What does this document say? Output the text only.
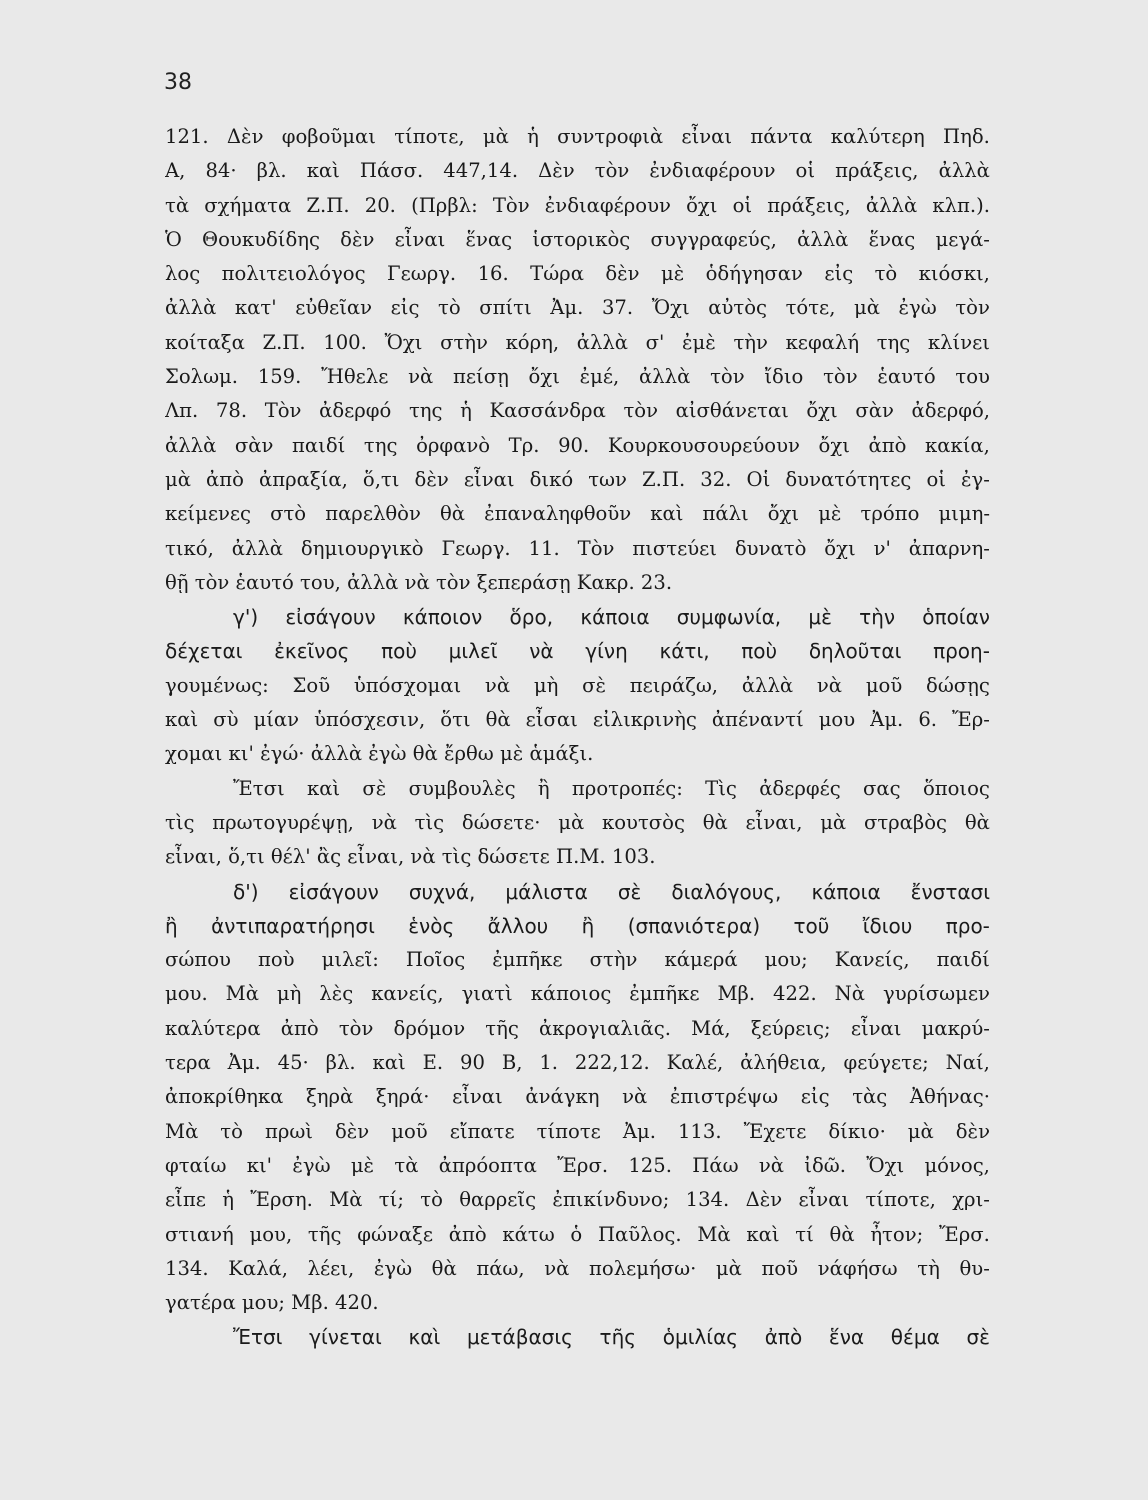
38
121. Δὲν φοβοῦμαι τίποτε, μὰ ἡ συντροφιὰ εἶναι πάντα καλύτερη Πηδ.
Α, 84· βλ. καὶ Πάσσ. 447,14. Δὲν τὸν ἐνδιαφέρουν οἱ πράξεις, ἀλλὰ
τὰ σχήματα Ζ.Π. 20. (Πρβλ: Τὸν ἐνδιαφέρουν ὄχι οἱ πράξεις, ἀλλὰ κλπ.).
Ὁ Θουκυδίδης δὲν εἶναι ἕνας ἱστορικὸς συγγραφεύς, ἀλλὰ ἕνας μεγά-
λος πολιτειολόγος Γεωργ. 16. Τώρα δὲν μὲ ὁδήγησαν εἰς τὸ κιόσκι,
ἀλλὰ κατ' εὐθεῖαν εἰς τὸ σπίτι Ἀμ. 37. Ὄχι αὐτὸς τότε, μὰ ἐγὼ τὸν
κοίταξα Ζ.Π. 100. Ὄχι στὴν κόρη, ἀλλὰ σ' ἐμὲ τὴν κεφαλή της κλίνει
Σολωμ. 159. Ἤθελε νὰ πείσῃ ὄχι ἐμέ, ἀλλὰ τὸν ἴδιο τὸν ἑαυτό του
Λπ. 78. Τὸν ἀδερφό της ἡ Κασσάνδρα τὸν αἰσθάνεται ὄχι σὰν ἀδερφό,
ἀλλὰ σὰν παιδί της ὀρφανὸ Τρ. 90. Κουρκουσουρεύουν ὄχι ἀπὸ κακία,
μὰ ἀπὸ ἀπραξία, ὅ,τι δὲν εἶναι δικό των Ζ.Π. 32. Οἱ δυνατότητες οἱ ἐγ-
κείμενες στὸ παρελθὸν θὰ ἐπαναληφθοῦν καὶ πάλι ὄχι μὲ τρόπο μιμη-
τικό, ἀλλὰ δημιουργικὸ Γεωργ. 11. Τὸν πιστεύει δυνατὸ ὄχι ν' ἀπαρνη-
θῇ τὸν ἑαυτό του, ἀλλὰ νὰ τὸν ξεπεράσῃ Κακρ. 23.
γ') εἰσάγουν κάποιον ὅρο, κάποια συμφωνία, μὲ τὴν ὁποίαν
δέχεται ἐκεῖνος ποὺ μιλεῖ νὰ γίνη κάτι, ποὺ δηλοῦται προη-
γουμένως: Σοῦ ὑπόσχομαι νὰ μὴ σὲ πειράζω, ἀλλὰ νὰ μοῦ δώσῃς
καὶ σὺ μίαν ὑπόσχεσιν, ὅτι θὰ εἶσαι εἰλικρινὴς ἀπέναντί μου Ἀμ. 6. Ἔρ-
χομαι κι' ἐγώ· ἀλλὰ ἐγὼ θὰ ἔρθω μὲ ἁμάξι.
Ἔτσι καὶ σὲ συμβουλὲς ἢ προτροπές: Τὶς ἀδερφές σας ὅποιος
τὶς πρωτογυρέψῃ, νὰ τὶς δώσετε· μὰ κουτσὸς θὰ εἶναι, μὰ στραβὸς θὰ
εἶναι, ὅ,τι θέλ' ἂς εἶναι, νὰ τὶς δώσετε Π.Μ. 103.
δ') εἰσάγουν συχνά, μάλιστα σὲ διαλόγους, κάποια ἔνστασι
ἢ ἀντιπαρατήρησι ἑνὸς ἄλλου ἢ (σπανιότερα) τοῦ ἴδιου προ-
σώπου ποὺ μιλεῖ: Ποῖος ἐμπῆκε στὴν κάμερά μου; Κανείς, παιδί
μου. Μὰ μὴ λὲς κανείς, γιατὶ κάποιος ἐμπῆκε Μβ. 422. Νὰ γυρίσωμεν
καλύτερα ἀπὸ τὸν δρόμον τῆς ἀκρογιαλιᾶς. Μά, ξεύρεις; εἶναι μακρύ-
τερα Ἀμ. 45· βλ. καὶ Ε. 90 Β, 1. 222,12. Καλέ, ἀλήθεια, φεύγετε; Ναί,
ἀποκρίθηκα ξηρὰ ξηρά· εἶναι ἀνάγκη νὰ ἐπιστρέψω εἰς τὰς Ἀθήνας·
Μὰ τὸ πρωὶ δὲν μοῦ εἴπατε τίποτε Ἀμ. 113. Ἔχετε δίκιο· μὰ δὲν
φταίω κι' ἐγὼ μὲ τὰ ἀπρόοπτα Ἔρσ. 125. Πάω νὰ ἰδῶ. Ὄχι μόνος,
εἶπε ἡ Ἔρση. Μὰ τί; τὸ θαρρεῖς ἐπικίνδυνο; 134. Δὲν εἶναι τίποτε, χρι-
στιανή μου, τῆς φώναξε ἀπὸ κάτω ὁ Παῦλος. Μὰ καὶ τί θὰ ἦτον; Ἔρσ.
134. Καλά, λέει, ἐγὼ θὰ πάω, νὰ πολεμήσω· μὰ ποῦ νάφήσω τὴ θυ-
γατέρα μου; Μβ. 420.
Ἔτσι γίνεται καὶ μετάβασις τῆς ὁμιλίας ἀπὸ ἕνα θέμα σὲ
